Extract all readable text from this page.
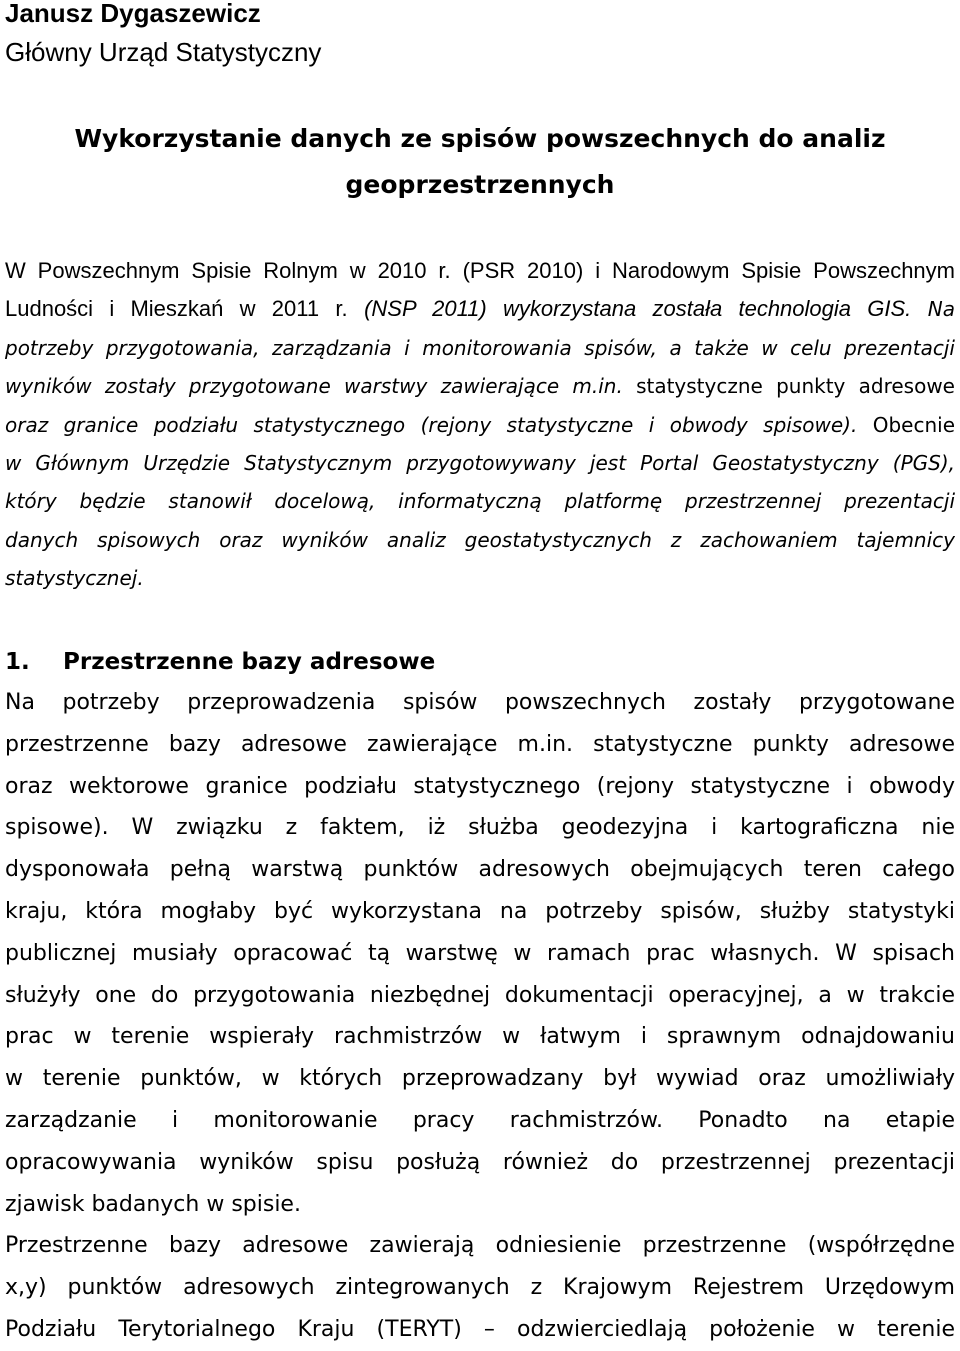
Janusz Dygaszewicz
Główny Urząd Statystyczny
Wykorzystanie danych ze spisów powszechnych do analiz
geoprzestrzennych
W Powszechnym Spisie Rolnym w 2010 r. (PSR 2010) i Narodowym Spisie Powszechnym
Ludności i Mieszkań w 2011 r. (NSP 2011) wykorzystana została technologia GIS. Na
potrzeby przygotowania, zarządzania i monitorowania spisów, a także w celu prezentacji
wyników zostały przygotowane warstwy zawierające m.in. statystyczne punkty adresowe
oraz granice podziału statystycznego (rejony statystyczne i obwody spisowe). Obecnie
w Głównym Urzędzie Statystycznym przygotowywany jest Portal Geostatystyczny (PGS),
który będzie stanowił docelową, informatyczną platformę przestrzennej prezentacji
danych spisowych oraz wyników analiz geostatystycznych z zachowaniem tajemnicy
statystycznej.
1. Przestrzenne bazy adresowe
Na potrzeby przeprowadzenia spisów powszechnych zostały przygotowane
przestrzenne bazy adresowe zawierające m.in. statystyczne punkty adresowe
oraz wektorowe granice podziału statystycznego (rejony statystyczne i obwody
spisowe). W związku z faktem, iż służba geodezyjna i kartograficzna nie
dysponowała pełną warstwą punktów adresowych obejmujących teren całego
kraju, która mogłaby być wykorzystana na potrzeby spisów, służby statystyki
publicznej musiały opracować tą warstwę w ramach prac własnych. W spisach
służyły one do przygotowania niezbędnej dokumentacji operacyjnej, a w trakcie
prac w terenie wspierały rachmistrzów w łatwym i sprawnym odnajdowaniu
w terenie punktów, w których przeprowadzany był wywiad oraz umożliwiały
zarządzanie i monitorowanie pracy rachmistrzów. Ponadto na etapie
opracowywania wyników spisu posłużą również do przestrzennej prezentacji
zjawisk badanych w spisie.
Przestrzenne bazy adresowe zawierają odniesienie przestrzenne (współrzędne
x,y) punktów adresowych zintegrowanych z Krajowym Rejestrem Urzędowym
Podziału Terytorialnego Kraju (TERYT) – odzwierciedlają położenie w terenie
